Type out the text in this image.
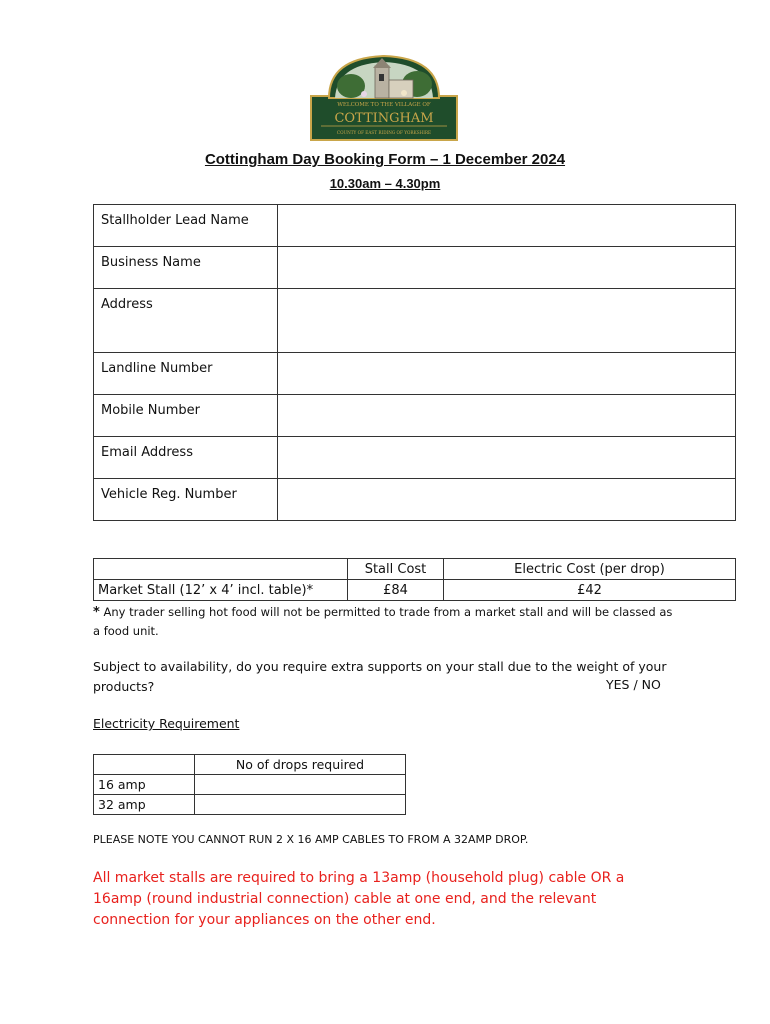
WELCOME TO THE VILLAGE OF
COTTINGHAM
COUNTY OF EAST RIDING OF YORKSHIRE
Cottingham Day Booking Form – 1 December 2024
10.30am – 4.30pm
Stallholder Lead Name	
Business Name	
Address	
Landline Number	
Mobile Number	
Email Address	
Vehicle Reg. Number	
	Stall Cost	Electric Cost (per drop)
Market Stall (12’ x 4’ incl. table)*	£84	£42
* Any trader selling hot food will not be permitted to trade from a market stall and will be classed as a food unit.
Subject to availability, do you require extra supports on your stall due to the weight of your products?	YES / NO
Electricity Requirement
	No of drops required
16 amp	
32 amp	
PLEASE NOTE YOU CANNOT RUN 2 X 16 AMP CABLES TO FROM A 32AMP DROP.
All market stalls are required to bring a 13amp (household plug) cable OR a 16amp (round industrial connection) cable at one end, and the relevant connection for your appliances on the other end.
